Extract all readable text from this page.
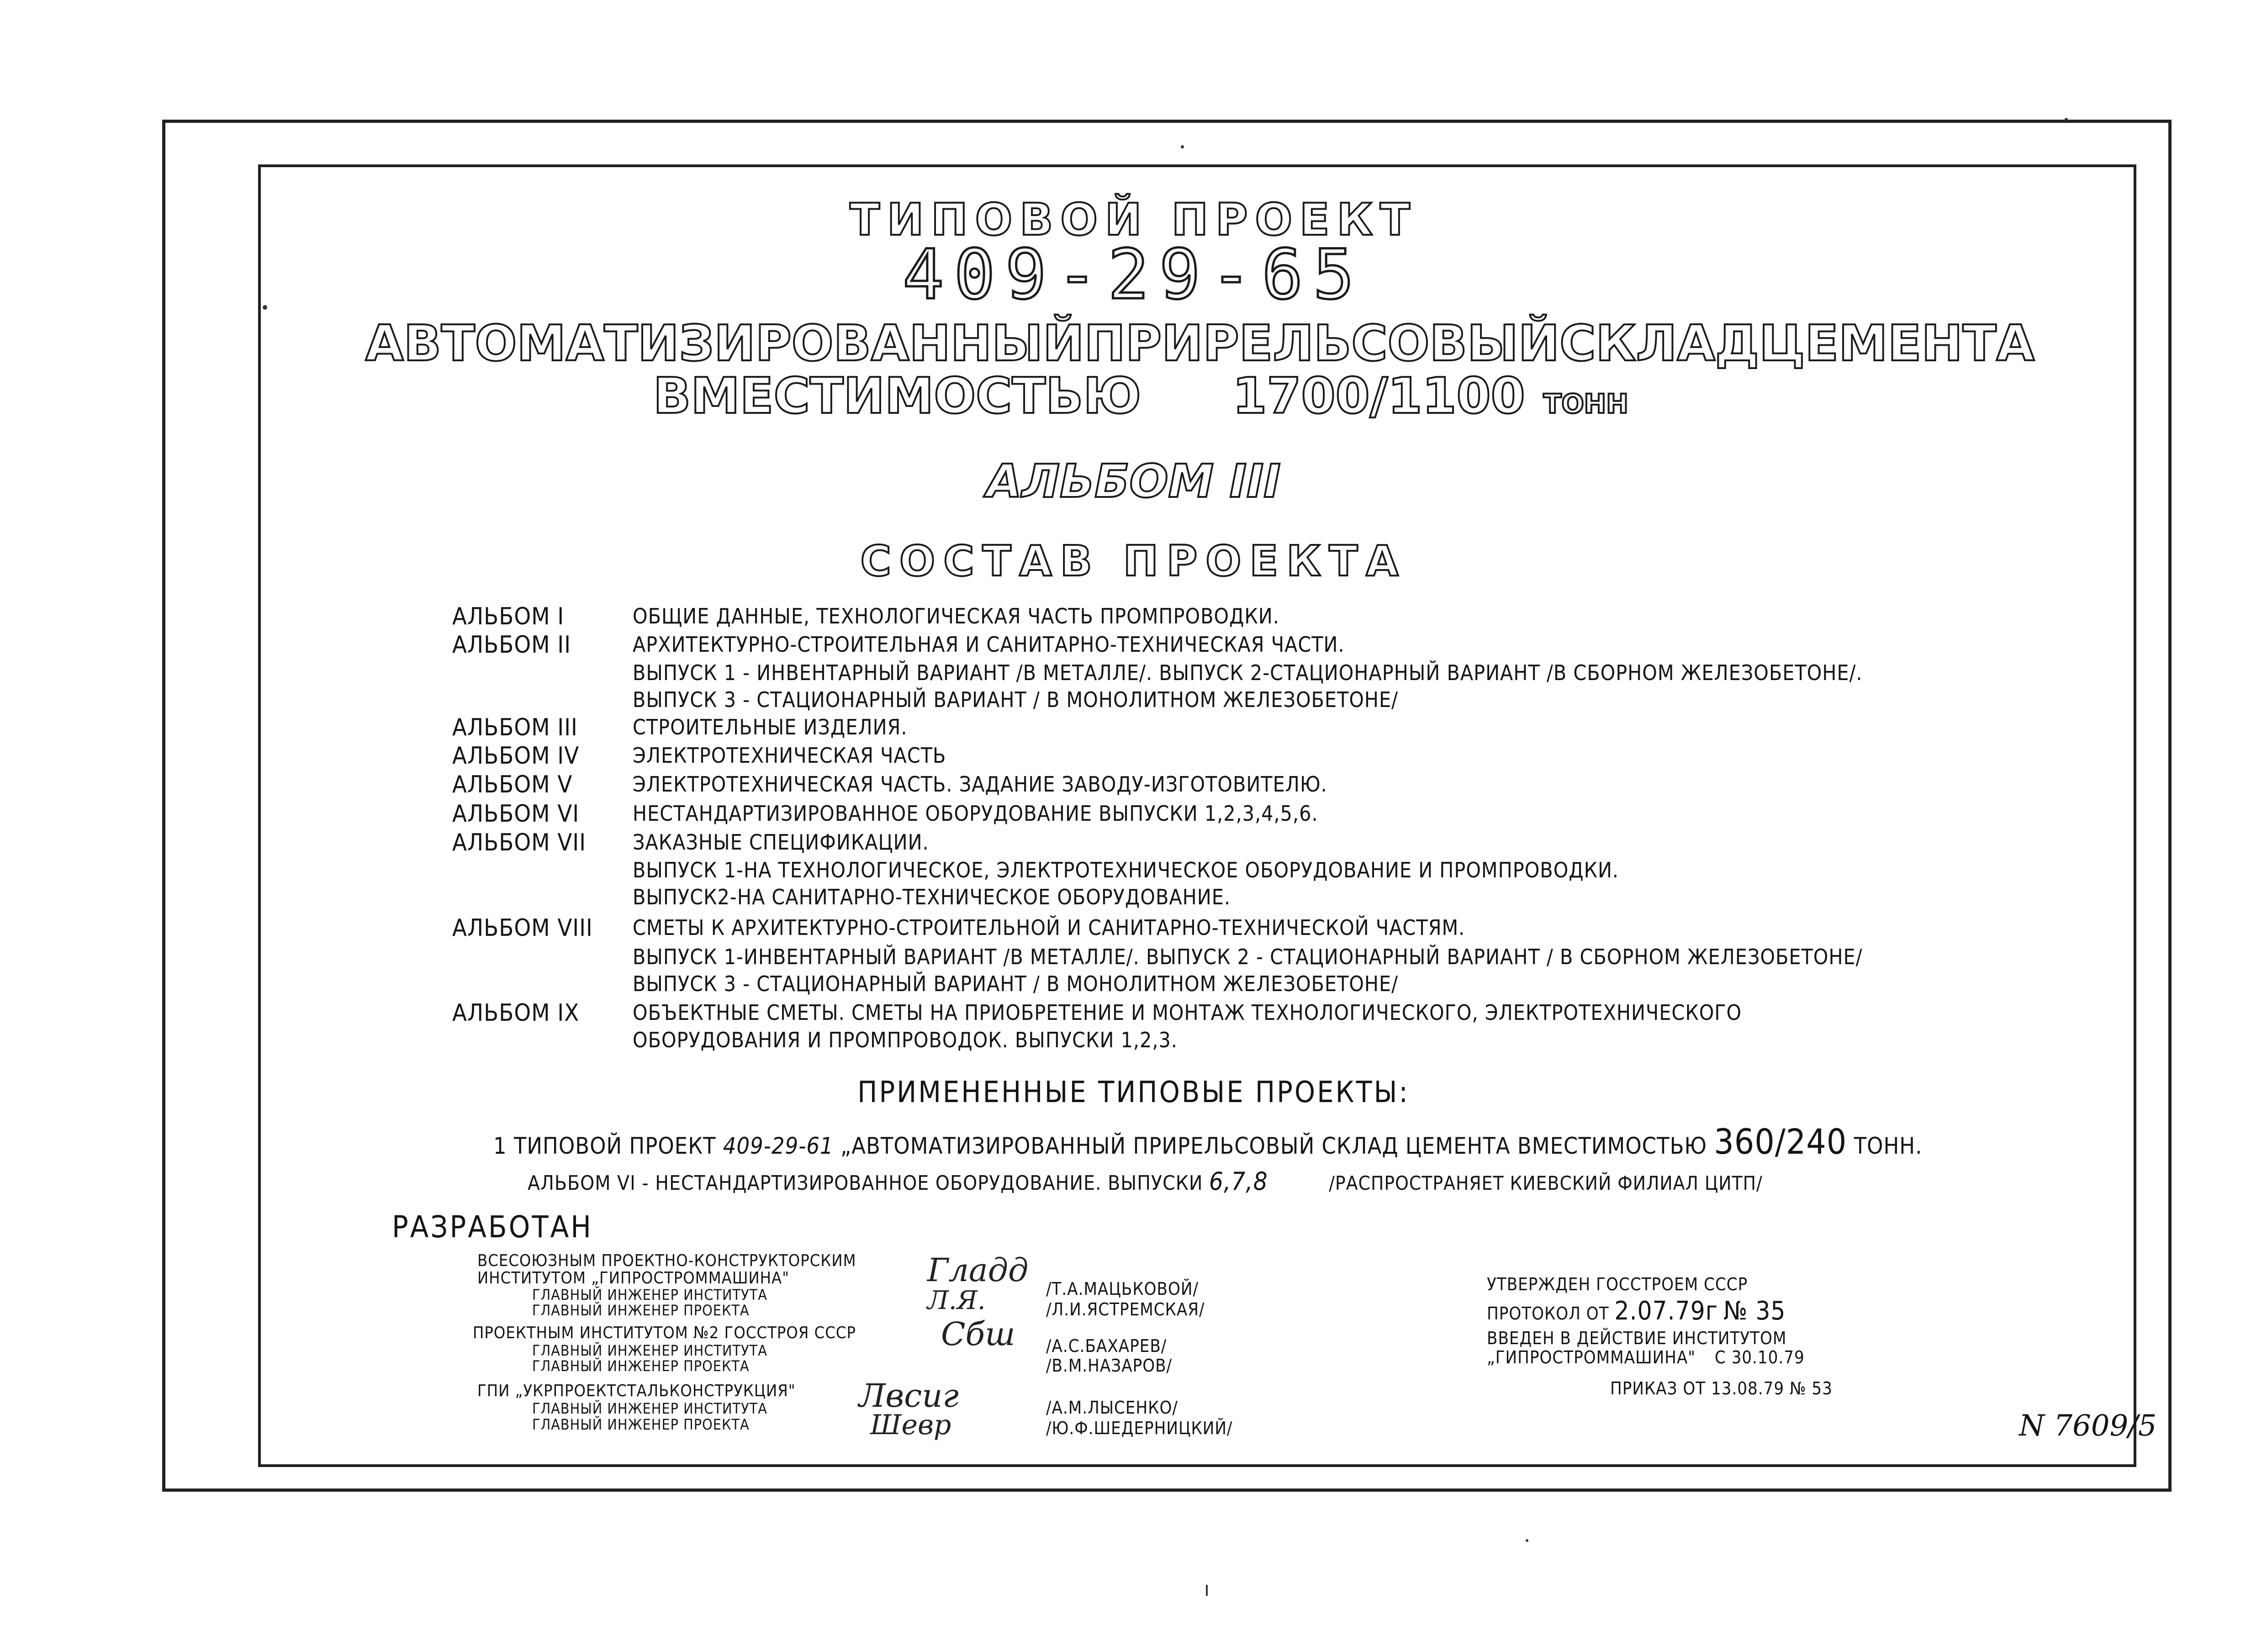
ТИПОВОЙ ПРОЕКТ
409-29-65
АВТОМАТИЗИРОВАННЫЙ ПРИРЕЛЬСОВЫЙ СКЛАД ЦЕМЕНТА
ВМЕСТИМОСТЬЮ 1700/1100 ТОНН
АЛЬБОМ III
СОСТАВ ПРОЕКТА
АЛЬБОМ I	ОБЩИЕ ДАННЫЕ, ТЕХНОЛОГИЧЕСКАЯ ЧАСТЬ ПРОМПРОВОДКИ.
АЛЬБОМ II	АРХИТЕКТУРНО-СТРОИТЕЛЬНАЯ И САНИТАРНО-ТЕХНИЧЕСКАЯ ЧАСТИ.
ВЫПУСК 1 - ИНВЕНТАРНЫЙ ВАРИАНТ /В МЕТАЛЛЕ/. ВЫПУСК 2-СТАЦИОНАРНЫЙ ВАРИАНТ /В СБОРНОМ ЖЕЛЕЗОБЕТОНЕ/.
ВЫПУСК 3 - СТАЦИОНАРНЫЙ ВАРИАНТ / В МОНОЛИТНОМ ЖЕЛЕЗОБЕТОНЕ/
АЛЬБОМ III	СТРОИТЕЛЬНЫЕ ИЗДЕЛИЯ.
АЛЬБОМ IV	ЭЛЕКТРОТЕХНИЧЕСКАЯ ЧАСТЬ
АЛЬБОМ V	ЭЛЕКТРОТЕХНИЧЕСКАЯ ЧАСТЬ. ЗАДАНИЕ ЗАВОДУ-ИЗГОТОВИТЕЛЮ.
АЛЬБОМ VI	НЕСТАНДАРТИЗИРОВАННОЕ ОБОРУДОВАНИЕ ВЫПУСКИ 1,2,3,4,5,6.
АЛЬБОМ VII ЗАКАЗНЫЕ СПЕЦИФИКАЦИИ.
ВЫПУСК 1-НА ТЕХНОЛОГИЧЕСКОЕ, ЭЛЕКТРОТЕХНИЧЕСКОЕ ОБОРУДОВАНИЕ И ПРОМПРОВОДКИ.
ВЫПУСК2-НА САНИТАРНО-ТЕХНИЧЕСКОЕ ОБОРУДОВАНИЕ.
АЛЬБОМ VIII СМЕТЫ К АРХИТЕКТУРНО-СТРОИТЕЛЬНОЙ И САНИТАРНО-ТЕХНИЧЕСКОЙ ЧАСТЯМ.
ВЫПУСК 1-ИНВЕНТАРНЫЙ ВАРИАНТ /В МЕТАЛЛЕ/. ВЫПУСК 2 - СТАЦИОНАРНЫЙ ВАРИАНТ / В СБОРНОМ ЖЕЛЕЗОБЕТОНЕ/
ВЫПУСК 3 - СТАЦИОНАРНЫЙ ВАРИАНТ / В МОНОЛИТНОМ ЖЕЛЕЗОБЕТОНЕ/
АЛЬБОМ IX	ОБЪЕКТНЫЕ СМЕТЫ. СМЕТЫ НА ПРИОБРЕТЕНИЕ И МОНТАЖ ТЕХНОЛОГИЧЕСКОГО, ЭЛЕКТРОТЕХНИЧЕСКОГО
ОБОРУДОВАНИЯ И ПРОМПРОВОДОК. ВЫПУСКИ 1,2,3.
ПРИМЕНЕННЫЕ ТИПОВЫЕ ПРОЕКТЫ:
1 ТИПОВОЙ ПРОЕКТ 409-29-61 „АВТОМАТИЗИРОВАННЫЙ ПРИРЕЛЬСОВЫЙ СКЛАД ЦЕМЕНТА ВМЕСТИМОСТЬЮ 360/240 ТОНН.
АЛЬБОМ VI - НЕСТАНДАРТИЗИРОВАННОЕ ОБОРУДОВАНИЕ. ВЫПУСКИ 6,7,8	/РАСПРОСТРАНЯЕТ КИЕВСКИЙ ФИЛИАЛ ЦИТП/
РАЗРАБОТАН
ВСЕСОЮЗНЫМ ПРОЕКТНО-КОНСТРУКТОРСКИМ
ИНСТИТУТОМ „ГИПРОСТРОММАШИНА"
ГЛАВНЫЙ ИНЖЕНЕР ИНСТИТУТА
ГЛАВНЫЙ ИНЖЕНЕР ПРОЕКТА
Гладд
Л.Я.	/Т.А.МАЦЬКОВОЙ/
/Л.И.ЯСТРЕМСКАЯ/
ПРОЕКТНЫМ ИНСТИТУТОМ №2 ГОССТРОЯ СССР
ГЛАВНЫЙ ИНЖЕНЕР ИНСТИТУТА
ГЛАВНЫЙ ИНЖЕНЕР ПРОЕКТА
Сбш /А.С.БАХАРЕВ/
/В.М.НАЗАРОВ/
ГПИ „УКРПРОЕКТСТАЛЬКОНСТРУКЦИЯ"
ГЛАВНЫЙ ИНЖЕНЕР ИНСТИТУТА
ГЛАВНЫЙ ИНЖЕНЕР ПРОЕКТА
Лвсиг
Шевр
/А.М.ЛЫСЕНКО/
/Ю.Ф.ШЕДЕРНИЦКИЙ/
УТВЕРЖДЕН ГОССТРОЕМ СССР
ПРОТОКОЛ ОТ 2.07.79г № 35
ВВЕДЕН В ДЕЙСТВИЕ ИНСТИТУТОМ
„ГИПРОСТРОММАШИНА" С 30.10.79
ПРИКАЗ ОТ 13.08.79 № 53
N 7609/5
